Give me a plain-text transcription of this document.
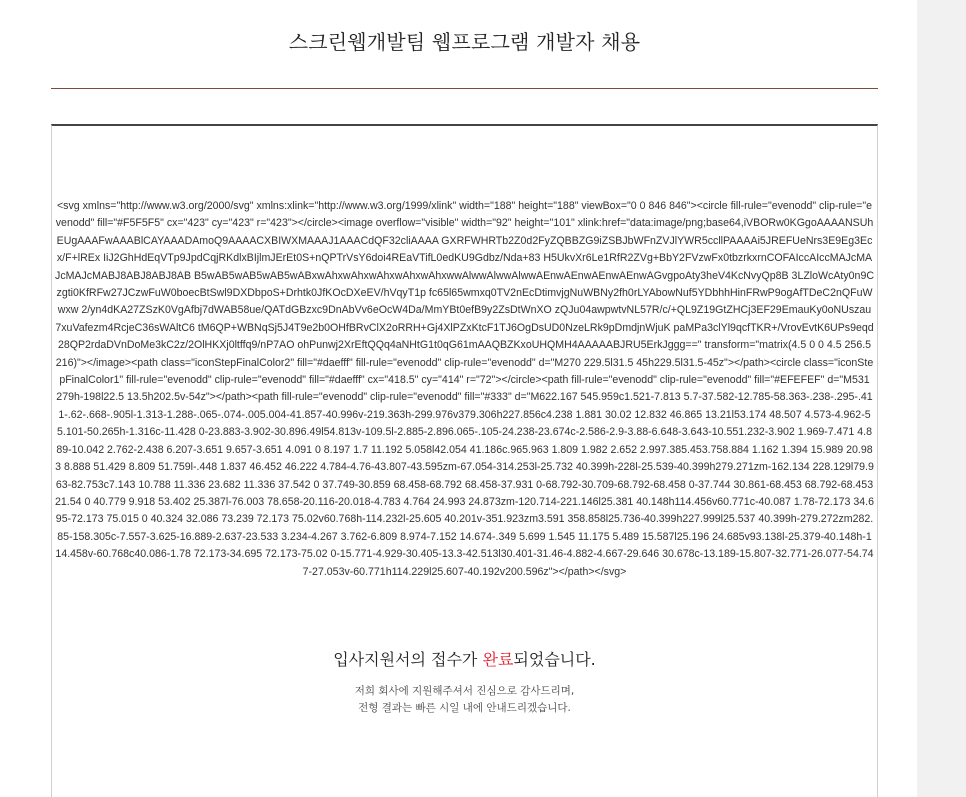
스크린웹개발팀 웹프로그램 개발자 채용

<svg xmlns="http://www.w3.org/2000/svg" xmlns:xlink="http://www.w3.org/1999/xlink" width="188" height="188" viewBox="0 0 846 846"><circle fill-rule="evenodd" clip-rule="evenodd" fill="#F5F5F5" cx="423" cy="423" r="423"></circle><image overflow="visible" width="92" height="101" xlink:href="data:image/png;base64,iVBORw0KGgoAAAANSUhEUgAAAFwAAABlCAYAAADAmoQ9AAAACXBIWXMAAAJ1AAACdQF32cliAAAA GXRFWHRTb2Z0d2FyZQBBZG9iZSBJbWFnZVJlYWR5ccllPAAAAi5JREFUeNrs3E9Eg3Ecx/F+lREx IiJ2GhHdEqVTp9JpdCqjRKdlxBIjlmJErEt0S+nQPTrVsY6doi4REaVTifL0edKU9Gdbz/Nda+83 H5UkvXr6Le1RfR2ZVg+BbY2FVzwFx0tbzrkxrnCOFAIccAIccMAJcMAJcMAJcMABJ8ABJ8ABJ8AB B5wAB5wAB5wAB5wABxwAhxwAhxwAhxwAhxwAhxwwAlwwAlwwAlwwAEnwAEnwAEnwAEnwAGvgpoAty3heV4KcNvyQp8B 3LZloWcAty0n9Czgti0KfRFw27JCzwFuW0boecBtSwl9DXDbpoS+Drhtk0JfKOcDXeEV/hVqyT1p fc65l65wmxq0TV2nEcDtimvjgNuWBNy2fh0rLYAbowNuf5YDbhhHinFRwP9ogAfTDeC2nQFuWwxw 2/yn4dKA27ZSzK0VgAfbj7dWAB58ue/QATdGBzxc9DnAbVv6eOcW4Da/MmYBt0efB9y2ZsDtWnXO zQJu04awpwtvNL57R/c/+QL9Z19GtZHCj3EF29EmauKy0oNUszau7xuVafezm4RcjeC36sWAltC6 tM6QP+WBNqSj5J4T9e2b0OHfBRvClX2oRRH+Gj4XlPZxKtcF1TJ6OgDsUD0NzeLRk9pDmdjnWjuK paMPa3clYl9qcfTKR+/VrovEvtK6UPs9eqd28QP2rdaDVnDoMe3kC2z/2OlHKXj0ltffq9/nP7AO ohPunwj2XrEftQQq4aNHtG1t0qG61mAAQBZKxoUHQMH4AAAAABJRU5ErkJggg==" transform="matrix(4.5 0 0 4.5 256.5 216)"></image><path class="iconStepFinalColor2" fill="#daefff" fill-rule="evenodd" clip-rule="evenodd" d="M270 229.5l31.5 45h229.5l31.5-45z"></path><circle class="iconStepFinalColor1" fill-rule="evenodd" clip-rule="evenodd" fill="#daefff" cx="418.5" cy="414" r="72"></circle><path fill-rule="evenodd" clip-rule="evenodd" fill="#EFEFEF" d="M531 279h-198l22.5 13.5h202.5v-54z"></path><path fill-rule="evenodd" clip-rule="evenodd" fill="#333" d="M622.167 545.959c1.521-7.813 5.7-37.582-12.785-58.363-.238-.295-.411-.62-.668-.905l-1.313-1.288-.065-.074-.005.004-41.857-40.996v-219.363h-299.976v379.306h227.856c4.238 1.881 30.02 12.832 46.865 13.21l53.174 48.507 4.573-4.962-55.101-50.265h-1.316c-11.428 0-23.883-3.902-30.896.49l54.813v-109.5l-2.885-2.896.065-.105-24.238-23.674c-2.586-2.9-3.88-6.648-3.643-10.551.232-3.902 1.969-7.471 4.889-10.042 2.762-2.438 6.207-3.651 9.657-3.651 4.091 0 8.197 1.7 11.192 5.058l42.054 41.186c.965.963 1.809 1.982 2.652 2.997.385.453.758.884 1.162 1.394 15.989 20.983 8.888 51.429 8.809 51.759l-.448 1.837 46.452 46.222 4.784-4.76-43.807-43.595zm-67.054-314.253l-25.732 40.399h-228l-25.539-40.399h279.271zm-162.134 228.129l79.963-82.753c7.143 10.788 11.336 23.682 11.336 37.542 0 37.749-30.859 68.458-68.792 68.458-37.931 0-68.792-30.709-68.792-68.458 0-37.744 30.861-68.453 68.792-68.453 21.54 0 40.779 9.918 53.402 25.387l-76.003 78.658-20.116-20.018-4.783 4.764 24.993 24.873zm-120.714-221.146l25.381 40.148h114.456v60.771c-40.087 1.78-72.173 34.695-72.173 75.015 0 40.324 32.086 73.239 72.173 75.02v60.768h-114.232l-25.605 40.201v-351.923zm3.591 358.858l25.736-40.399h227.999l25.537 40.399h-279.272zm282.85-158.305c-7.557-3.625-16.889-2.637-23.533 3.234-4.267 3.762-6.809 8.974-7.152 14.674-.349 5.699 1.545 11.175 5.489 15.587l25.196 24.685v93.138l-25.379-40.148h-114.458v-60.768c40.086-1.78 72.173-34.695 72.173-75.02 0-15.771-4.929-30.405-13.3-42.513l30.401-31.46-4.882-4.667-29.646 30.678c-13.189-15.807-32.771-26.077-54.747-27.053v-60.771h114.229l25.607-40.192v200.596z"></path></svg>

입사지원서의 접수가 완료되었습니다.
저희 회사에 지원해주셔서 진심으로 감사드리며,
전형 결과는 빠른 시일 내에 안내드리겠습니다.
